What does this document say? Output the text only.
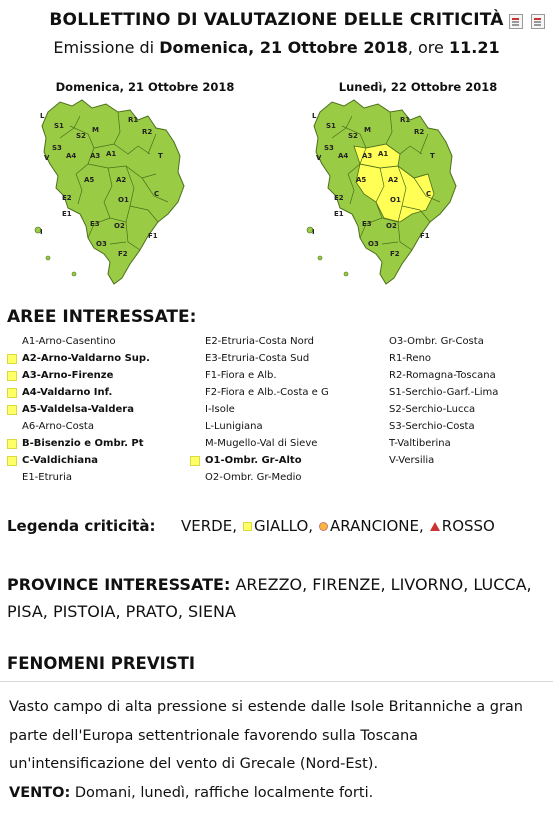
BOLLETTINO DI VALUTAZIONE DELLE CRITICITÀ
Emissione di Domenica, 21 Ottobre 2018, ore 11.21
Domenica, 21 Ottobre 2018	Lunedì, 22 Ottobre 2018
S1	M
S2
S3
V A4 A3 A1
L	R1
R2
T
A5	A2
E2	O1
C
E1
O2
F1
F2
I
E3
O3
S1	M
S2
S3
V A4 A3 A1
L	R1
R2
T
A5	A2
E2	O1
C
E1
O2
F1
F2
I
E3
O3
AREE INTERESSATE:
A1-Arno-Casentino
A2-Arno-Valdarno Sup.
A3-Arno-Firenze
A4-Valdarno Inf.
A5-Valdelsa-Valdera
A6-Arno-Costa
B-Bisenzio e Ombr. Pt
C-Valdichiana
E1-Etruria
E2-Etruria-Costa Nord
E3-Etruria-Costa Sud
F1-Fiora e Alb.
F2-Fiora e Alb.-Costa e G
I-Isole
L-Lunigiana
M-Mugello-Val di Sieve
O1-Ombr. Gr-Alto
O2-Ombr. Gr-Medio
O3-Ombr. Gr-Costa
R1-Reno
R2-Romagna-Toscana
S1-Serchio-Garf.-Lima
S2-Serchio-Lucca
S3-Serchio-Costa
T-Valtiberina
V-Versilia
Legenda criticità:	VERDE, GIALLO, ARANCIONE, ROSSO
PROVINCE INTERESSATE: AREZZO, FIRENZE, LIVORNO, LUCCA, PISA, PISTOIA, PRATO, SIENA
FENOMENI PREVISTI
Vasto campo di alta pressione si estende dalle Isole Britanniche a gran parte dell'Europa settentrionale favorendo sulla Toscana un'intensificazione del vento di Grecale (Nord-Est).
VENTO: Domani, lunedì, raffiche localmente forti.
